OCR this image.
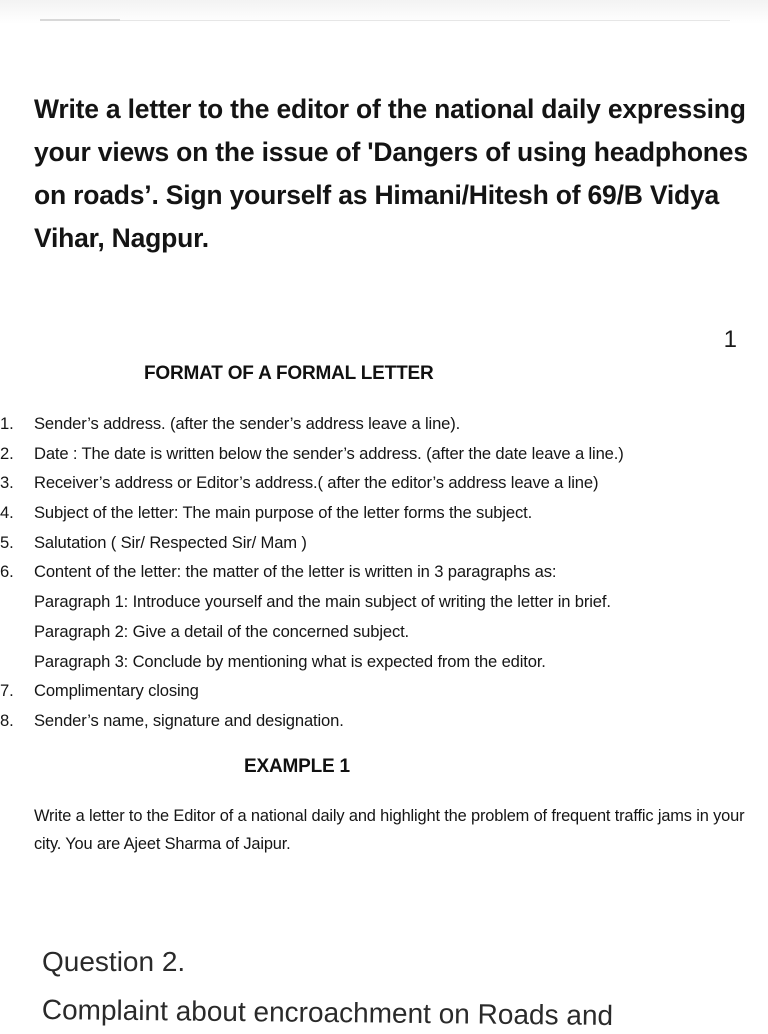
Write a letter to the editor of the national daily expressing your views on the issue of 'Dangers of using headphones on roads’. Sign yourself as Himani/Hitesh of 69/B Vidya Vihar, Nagpur.

1
FORMAT OF A FORMAL LETTER
1.	Sender’s address. (after the sender’s address leave a line).
2.	Date : The date is written below the sender’s address. (after the date leave a line.)
3.	Receiver’s address or Editor’s address.( after the editor’s address leave a line)
4.	Subject of the letter: The main purpose of the letter forms the subject.
5.	Salutation ( Sir/ Respected Sir/ Mam )
6.	Content of the letter: the matter of the letter is written in 3 paragraphs as:
Paragraph 1: Introduce yourself and the main subject of writing the letter in brief.
Paragraph 2: Give a detail of the concerned subject.
Paragraph 3: Conclude by mentioning what is expected from the editor.
7.	Complimentary closing
8.	Sender’s name, signature and designation.
EXAMPLE 1

Write a letter to the Editor of a national daily and highlight the problem of frequent traffic jams in your city. You are Ajeet Sharma of Jaipur.

Question 2.

Complaint about encroachment on Roads and
